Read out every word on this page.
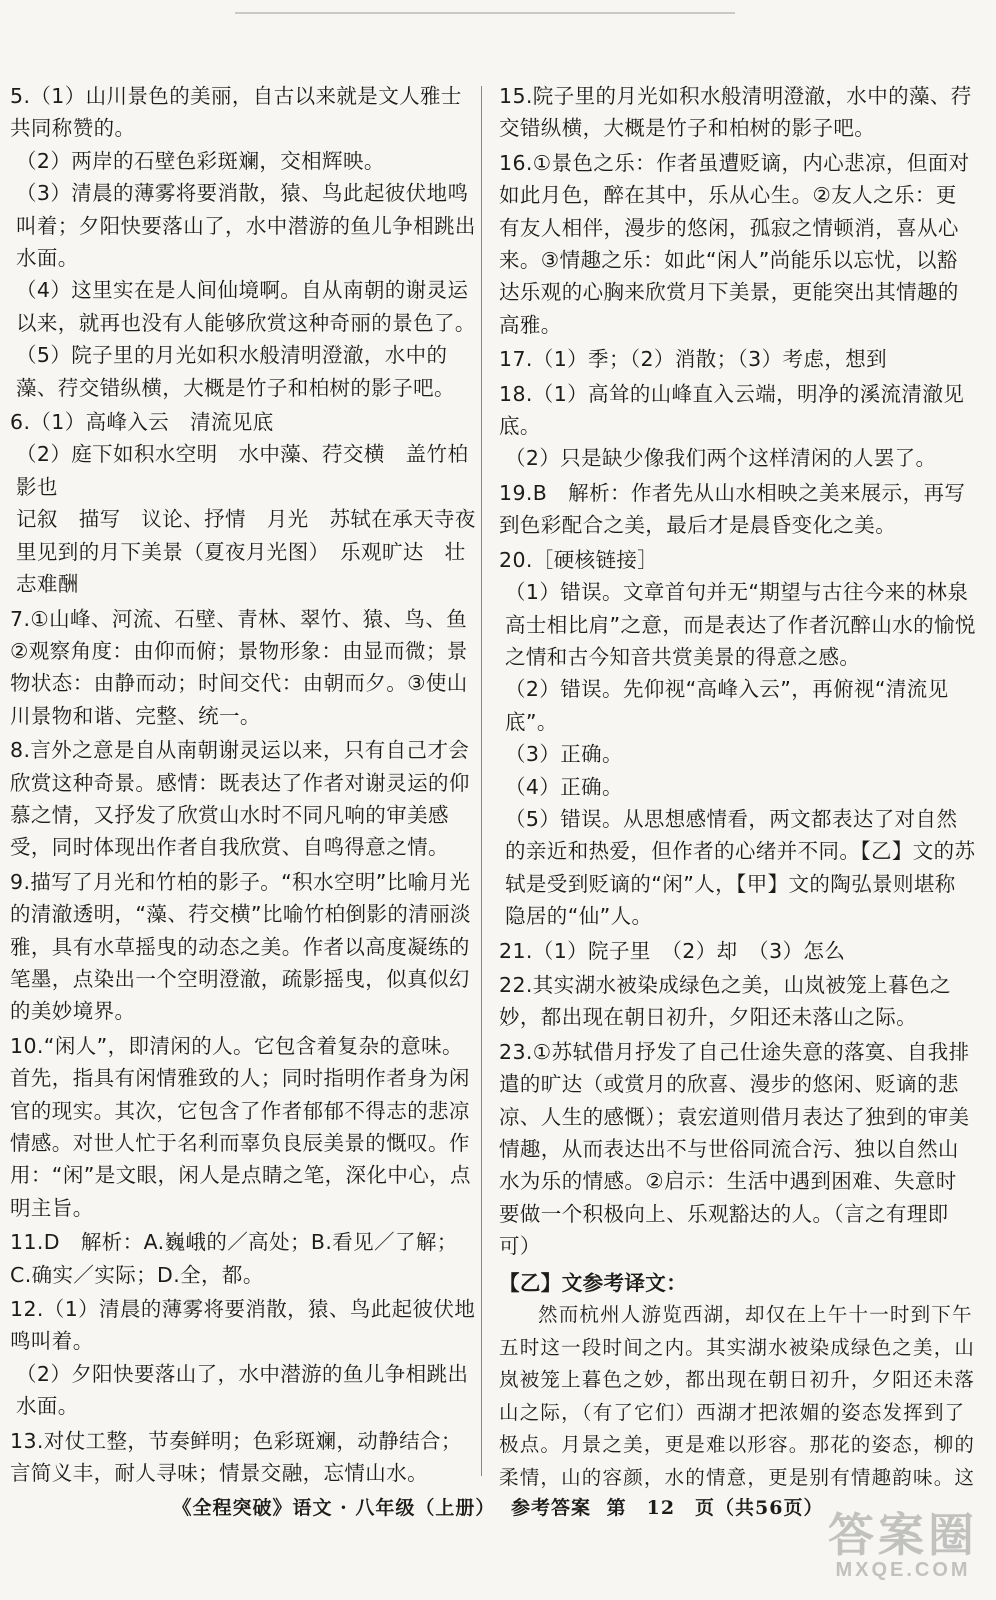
5.（1）山川景色的美丽，自古以来就是文人雅士共同称赞的。

（2）两岸的石壁色彩斑斓，交相辉映。

（3）清晨的薄雾将要消散，猿、鸟此起彼伏地鸣叫着；夕阳快要落山了，水中潜游的鱼儿争相跳出水面。

（4）这里实在是人间仙境啊。自从南朝的谢灵运以来，就再也没有人能够欣赏这种奇丽的景色了。

（5）院子里的月光如积水般清明澄澈，水中的藻、荇交错纵横，大概是竹子和柏树的影子吧。

6.（1）高峰入云　清流见底

（2）庭下如积水空明　水中藻、荇交横　盖竹柏影也

记叙　描写　议论、抒情　月光　苏轼在承天寺夜里见到的月下美景（夏夜月光图）　乐观旷达　壮志难酬

7.①山峰、河流、石壁、青林、翠竹、猿、鸟、鱼②观察角度：由仰而俯；景物形象：由显而微；景物状态：由静而动；时间交代：由朝而夕。③使山川景物和谐、完整、统一。

8.言外之意是自从南朝谢灵运以来，只有自己才会欣赏这种奇景。感情：既表达了作者对谢灵运的仰慕之情，又抒发了欣赏山水时不同凡响的审美感受，同时体现出作者自我欣赏、自鸣得意之情。

9.描写了月光和竹柏的影子。“积水空明”比喻月光的清澈透明，“藻、荇交横”比喻竹柏倒影的清丽淡雅，具有水草摇曳的动态之美。作者以高度凝练的笔墨，点染出一个空明澄澈，疏影摇曳，似真似幻的美妙境界。

10.“闲人”，即清闲的人。它包含着复杂的意味。首先，指具有闲情雅致的人；同时指明作者身为闲官的现实。其次，它包含了作者郁郁不得志的悲凉情感。对世人忙于名利而辜负良辰美景的慨叹。作用：“闲”是文眼，闲人是点睛之笔，深化中心，点明主旨。

11.D　解析：A.巍峨的／高处；B.看见／了解；C.确实／实际；D.全，都。

12.（1）清晨的薄雾将要消散，猿、鸟此起彼伏地鸣叫着。

（2）夕阳快要落山了，水中潜游的鱼儿争相跳出水面。

13.对仗工整，节奏鲜明；色彩斑斓，动静结合；言简义丰，耐人寻味；情景交融，忘情山水。

15.院子里的月光如积水般清明澄澈，水中的藻、荇交错纵横，大概是竹子和柏树的影子吧。

16.①景色之乐：作者虽遭贬谪，内心悲凉，但面对如此月色，醉在其中，乐从心生。②友人之乐：更有友人相伴，漫步的悠闲，孤寂之情顿消，喜从心来。③情趣之乐：如此“闲人”尚能乐以忘忧，以豁达乐观的心胸来欣赏月下美景，更能突出其情趣的高雅。

17.（1）季；（2）消散；（3）考虑，想到

18.（1）高耸的山峰直入云端，明净的溪流清澈见底。

（2）只是缺少像我们两个这样清闲的人罢了。

19.B　解析：作者先从山水相映之美来展示，再写到色彩配合之美，最后才是晨昏变化之美。

20.［硬核链接］

（1）错误。文章首句并无“期望与古往今来的林泉高士相比肩”之意，而是表达了作者沉醉山水的愉悦之情和古今知音共赏美景的得意之感。

（2）错误。先仰视“高峰入云”，再俯视“清流见底”。

（3）正确。

（4）正确。

（5）错误。从思想感情看，两文都表达了对自然的亲近和热爱，但作者的心绪并不同。【乙】文的苏轼是受到贬谪的“闲”人，【甲】文的陶弘景则堪称隐居的“仙”人。

21.（1）院子里　（2）却　（3）怎么

22.其实湖水被染成绿色之美，山岚被笼上暮色之妙，都出现在朝日初升，夕阳还未落山之际。

23.①苏轼借月抒发了自己仕途失意的落寞、自我排遣的旷达（或赏月的欣喜、漫步的悠闲、贬谪的悲凉、人生的感慨）；袁宏道则借月表达了独到的审美情趣，从而表达出不与世俗同流合污、独以自然山水为乐的情感。②启示：生活中遇到困难、失意时要做一个积极向上、乐观豁达的人。（言之有理即可）

【乙】文参考译文：

然而杭州人游览西湖，却仅在上午十一时到下午五时这一段时间之内。其实湖水被染成绿色之美，山岚被笼上暮色之妙，都出现在朝日初升，夕阳还未落山之际，（有了它们）西湖才把浓媚的姿态发挥到了极点。月景之美，更是难以形容。那花的姿态，柳的柔情，山的容颜，水的情意，更是别有情趣韵味。这

《全程突破》语文 · 八年级（上册） 参考答案 第　12　页（共56页）
答案圈
MXQE.COM
